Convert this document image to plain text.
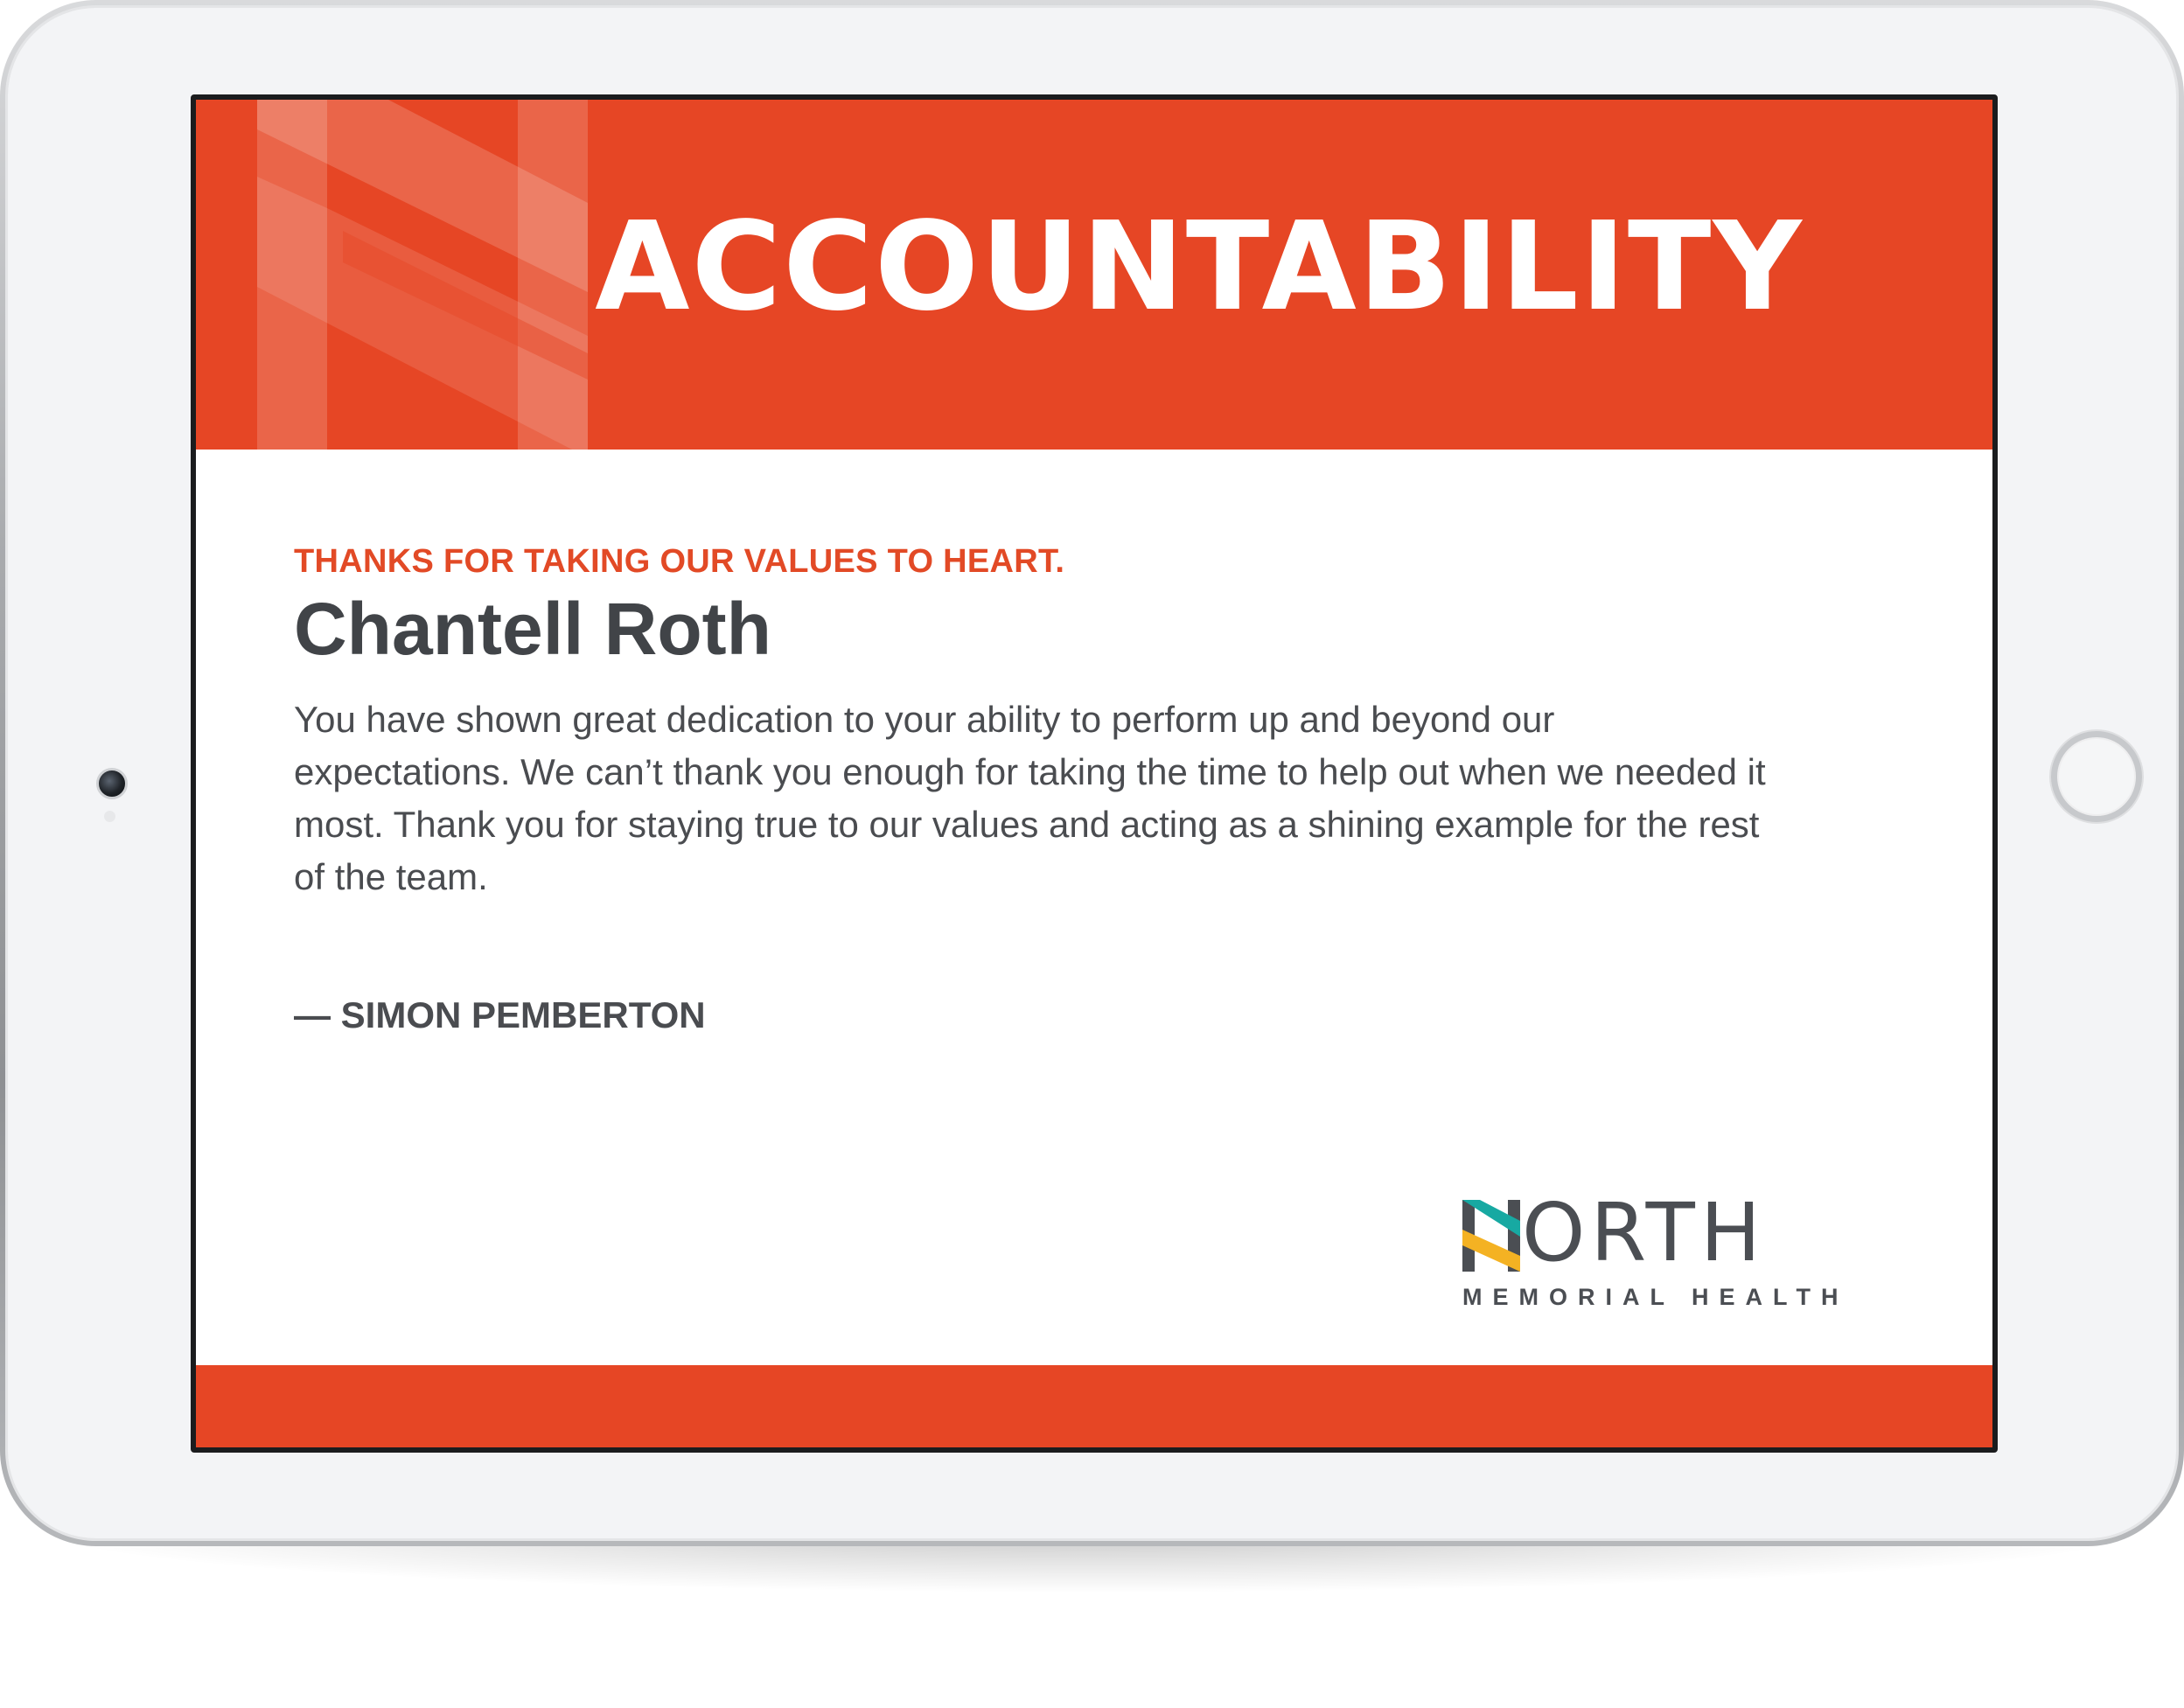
ACCOUNTABILITY

THANKS FOR TAKING OUR VALUES TO HEART.

Chantell Roth

You have shown great dedication to your ability to perform up and beyond our expectations. We can’t thank you enough for taking the time to help out when we needed it most. Thank you for staying true to our values and acting as a shining example for the rest of the team.

— SIMON PEMBERTON

ORTH
MEMORIAL HEALTH
